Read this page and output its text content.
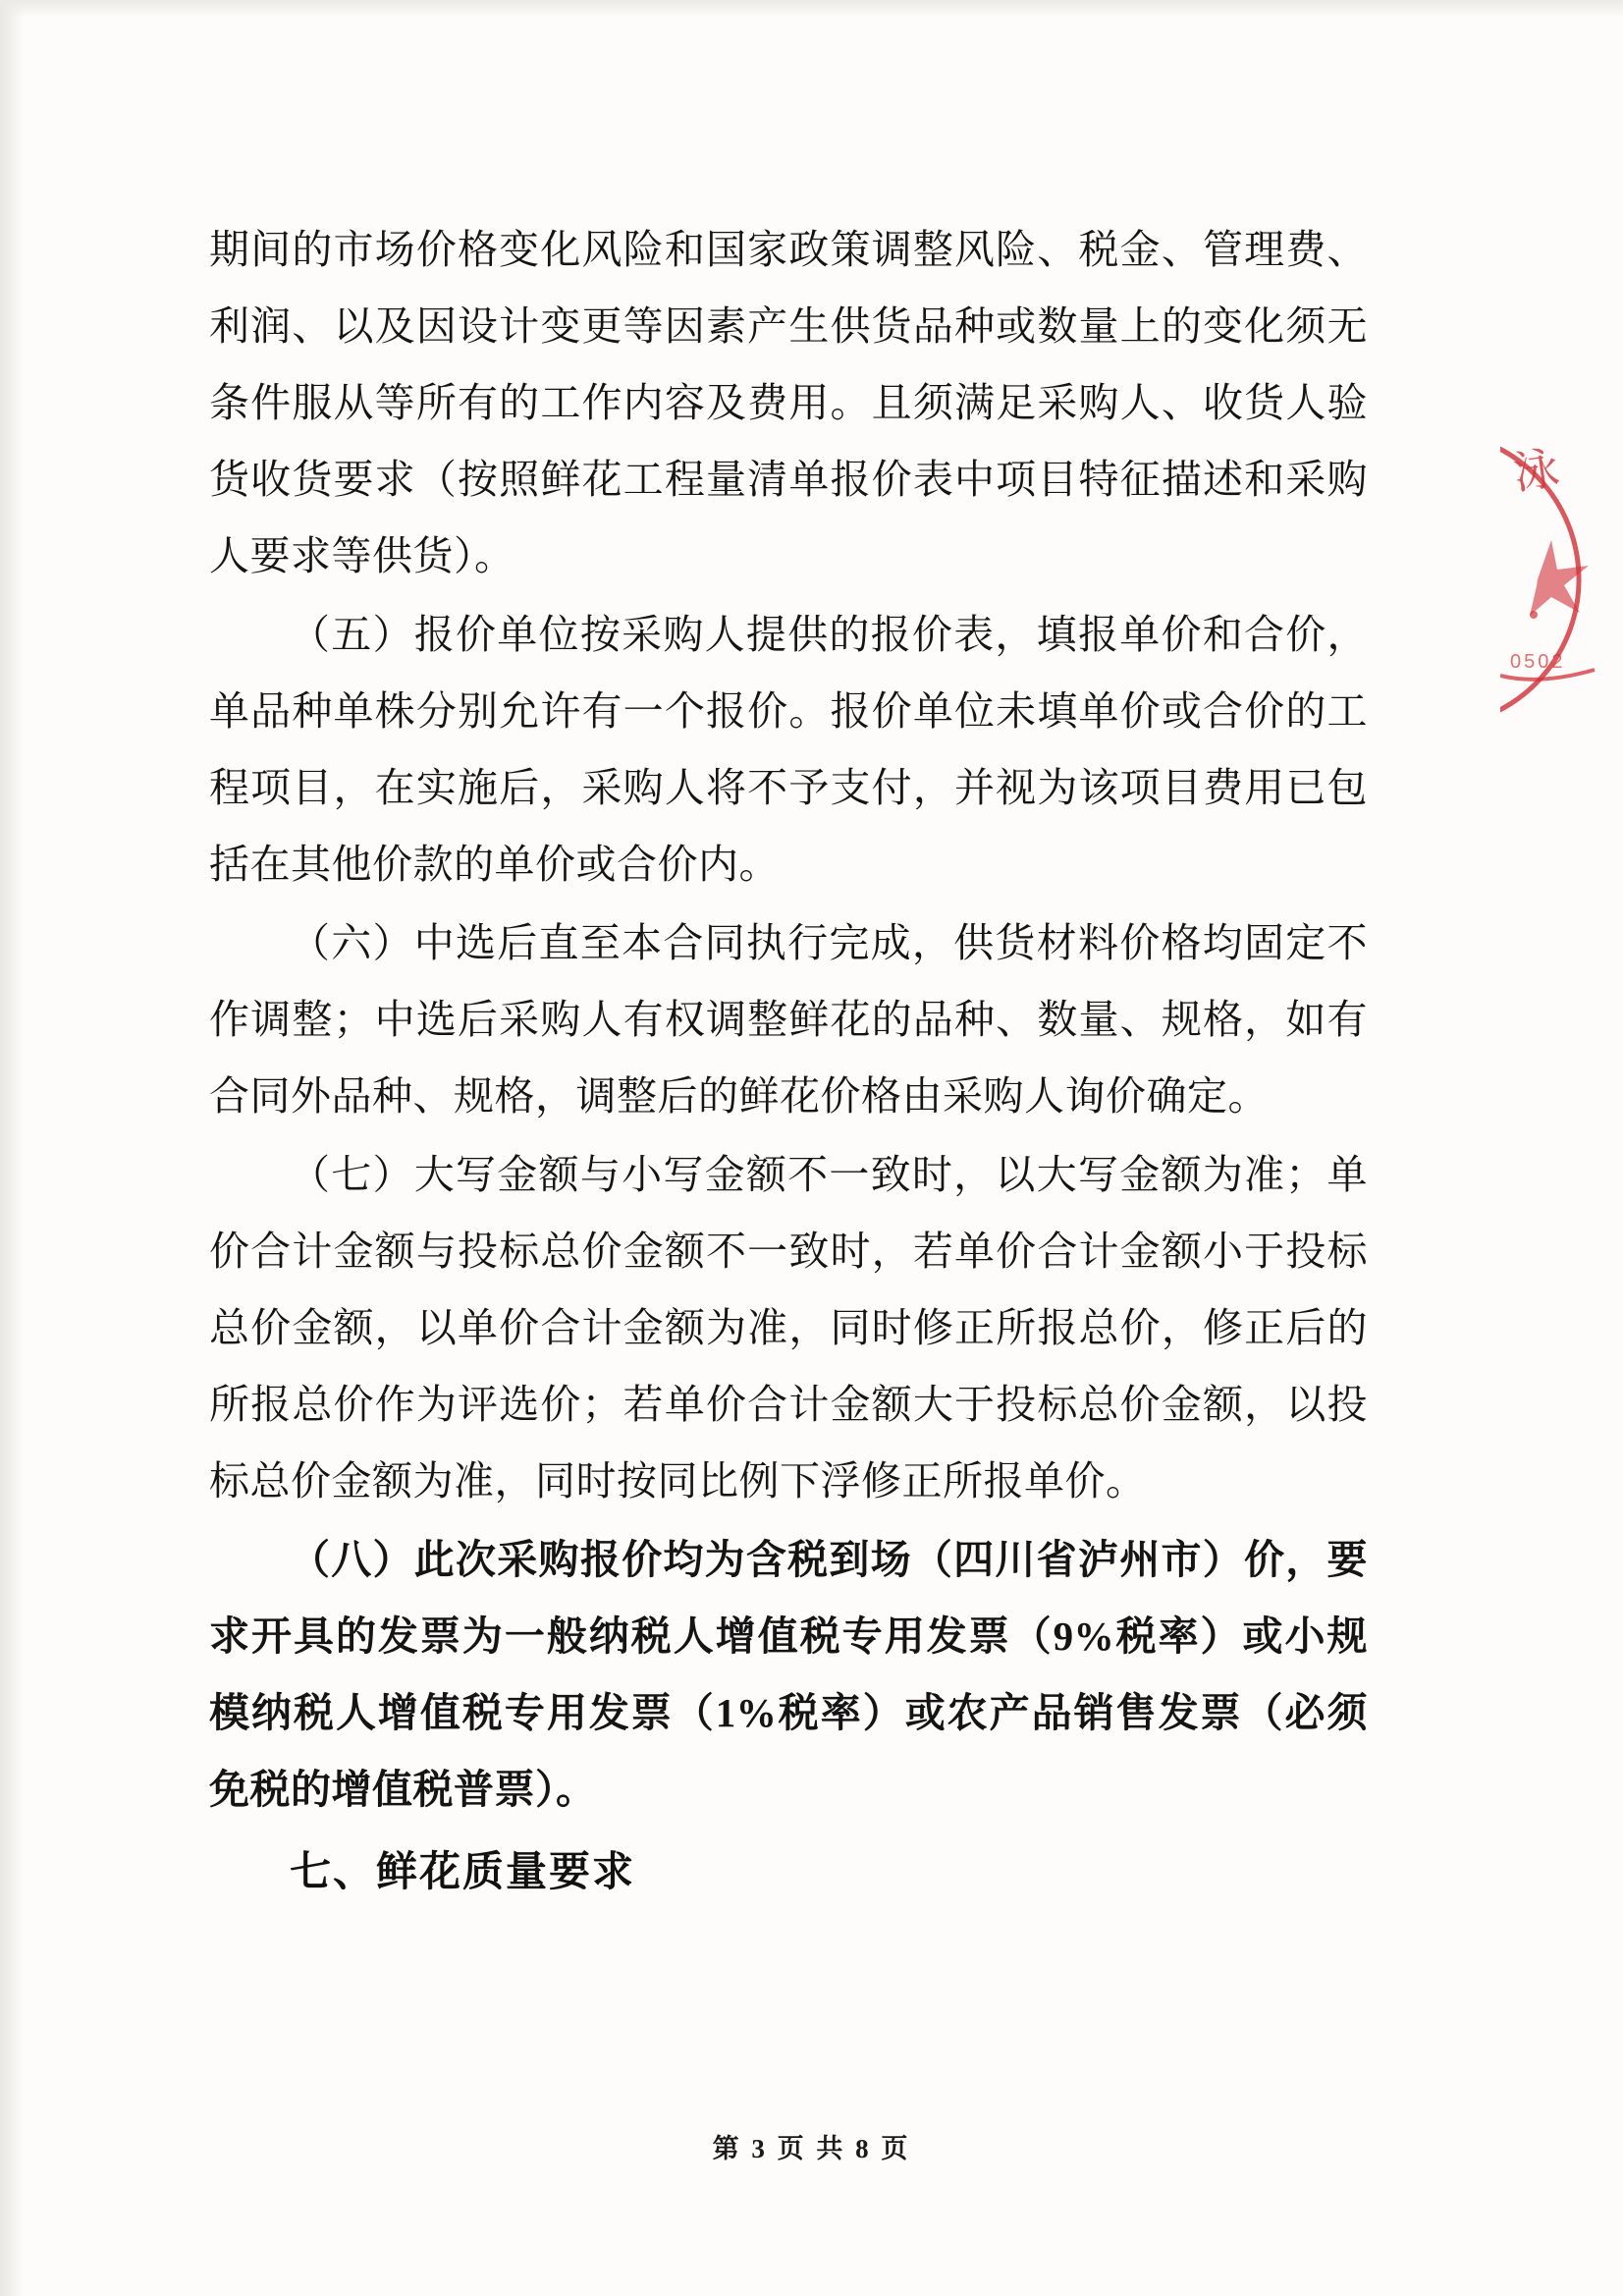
期间的市场价格变化风险和国家政策调整风险、税金、管理费、利润、以及因设计变更等因素产生供货品种或数量上的变化须无条件服从等所有的工作内容及费用。且须满足采购人、收货人验货收货要求（按照鲜花工程量清单报价表中项目特征描述和采购人要求等供货）。

（五）报价单位按采购人提供的报价表，填报单价和合价，单品种单株分别允许有一个报价。报价单位未填单价或合价的工程项目，在实施后，采购人将不予支付，并视为该项目费用已包括在其他价款的单价或合价内。

（六）中选后直至本合同执行完成，供货材料价格均固定不作调整；中选后采购人有权调整鲜花的品种、数量、规格，如有合同外品种、规格，调整后的鲜花价格由采购人询价确定。

（七）大写金额与小写金额不一致时，以大写金额为准；单价合计金额与投标总价金额不一致时，若单价合计金额小于投标总价金额，以单价合计金额为准，同时修正所报总价，修正后的所报总价作为评选价；若单价合计金额大于投标总价金额，以投标总价金额为准，同时按同比例下浮修正所报单价。

（八）此次采购报价均为含税到场（四川省泸州市）价，要求开具的发票为一般纳税人增值税专用发票（9%税率）或小规模纳税人增值税专用发票（1%税率）或农产品销售发票（必须免税的增值税普票）。

七、鲜花质量要求

泳
0502
第 3 页 共 8 页
